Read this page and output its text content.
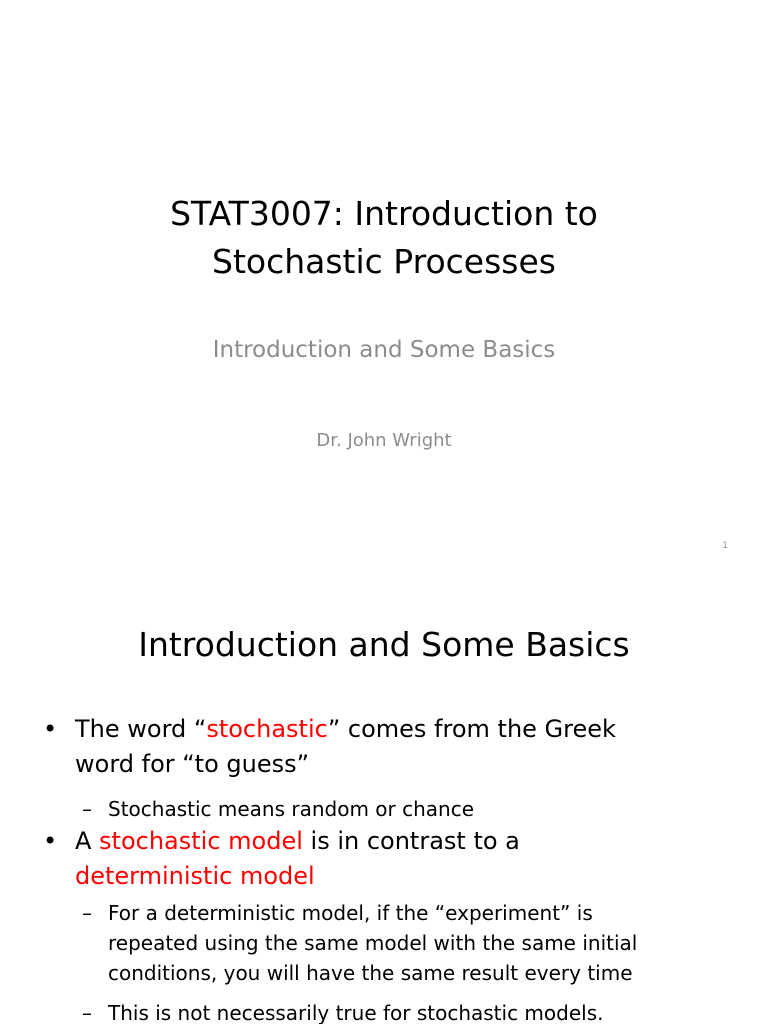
STAT3007: Introduction to
Stochastic Processes
Introduction and Some Basics
Dr. John Wright
1
Introduction and Some Basics
• The word “stochastic” comes from the Greek
word for “to guess”
– Stochastic means random or chance
• A stochastic model is in contrast to a
deterministic model
– For a deterministic model, if the “experiment” is
repeated using the same model with the same initial
conditions, you will have the same result every time
– This is not necessarily true for stochastic models.
